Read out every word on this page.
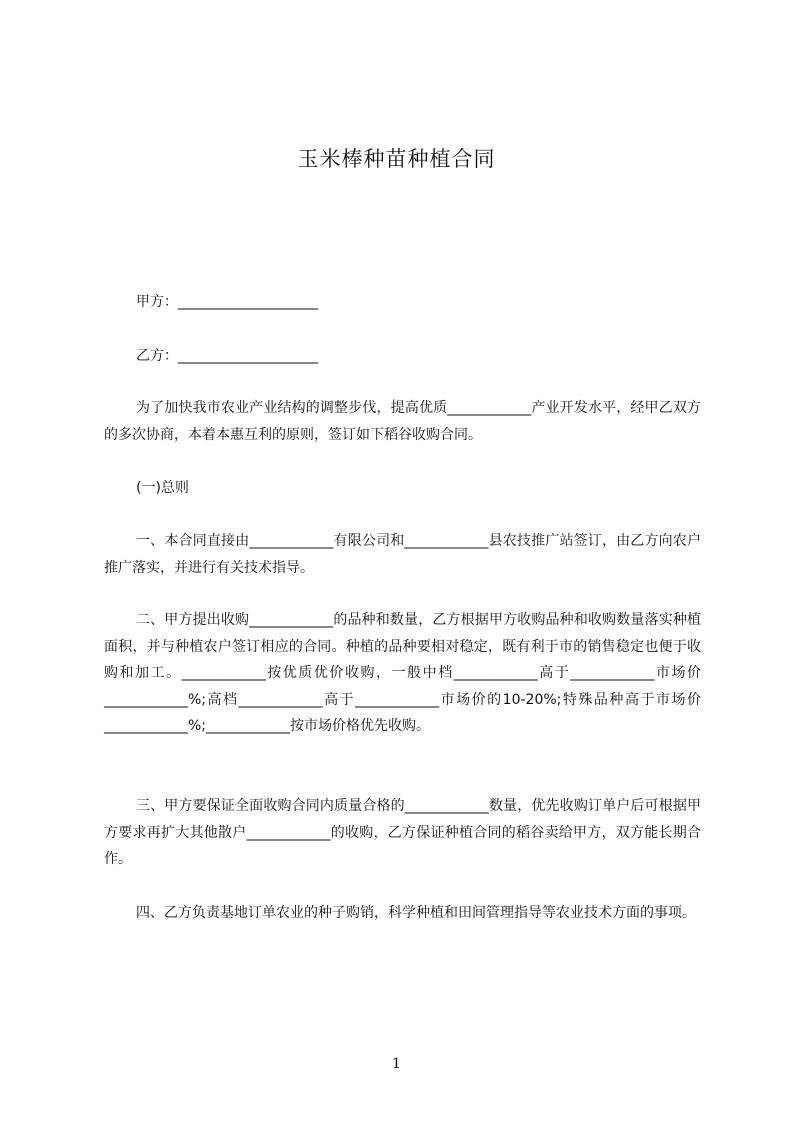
玉米棒种苗种植合同
甲方：____________________
乙方：____________________

为了加快我市农业产业结构的调整步伐，提高优质____________产业开发水平，经甲乙双方的多次协商，本着本惠互利的原则，签订如下稻谷收购合同。

(一)总则

一、本合同直接由____________有限公司和____________县农技推广站签订，由乙方向农户推广落实，并进行有关技术指导。

二、甲方提出收购____________的品种和数量，乙方根据甲方收购品种和收购数量落实种植面积，并与种植农户签订相应的合同。种植的品种要相对稳定，既有利于市的销售稳定也便于收购和加工。____________按优质优价收购，一般中档____________高于____________市场价____________%;高档____________高于____________市场价的10-20%;特殊品种高于市场价____________%;____________按市场价格优先收购。

三、甲方要保证全面收购合同内质量合格的____________数量，优先收购订单户后可根据甲方要求再扩大其他散户____________的收购，乙方保证种植合同的稻谷卖给甲方，双方能长期合作。

四、乙方负责基地订单农业的种子购销，科学种植和田间管理指导等农业技术方面的事项。

1
